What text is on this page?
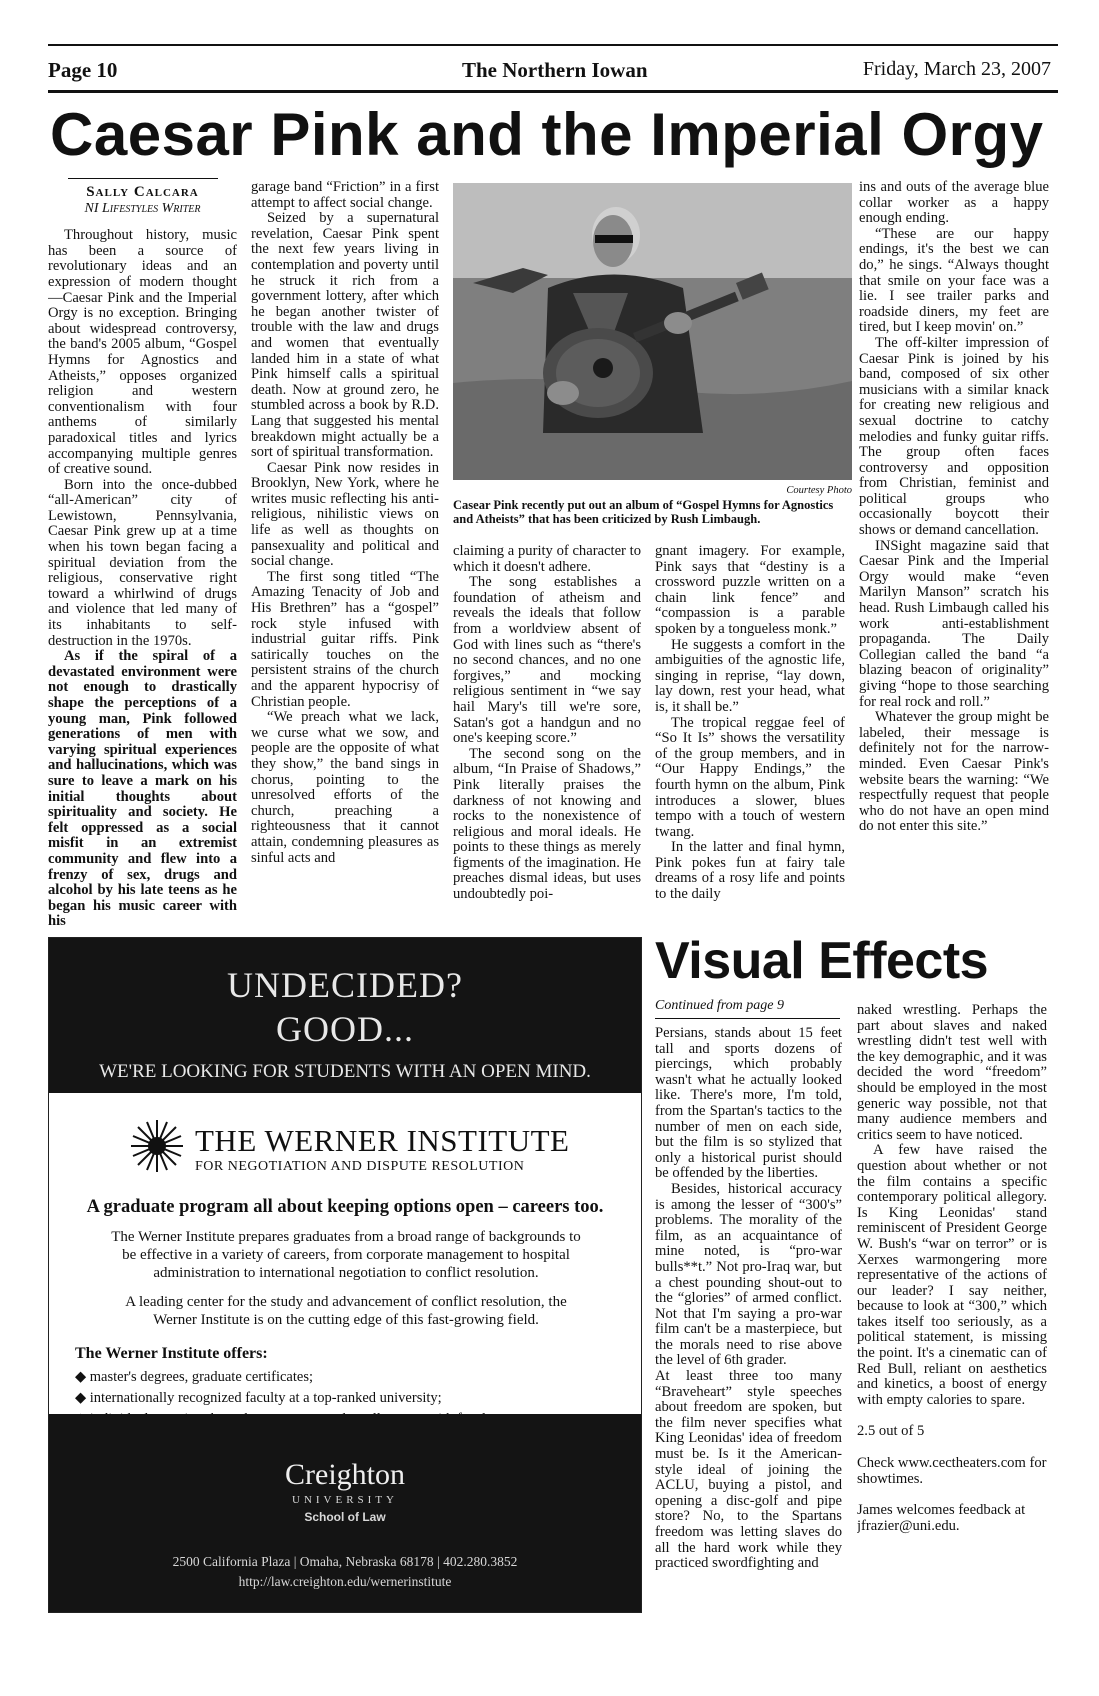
Page 10	The Northern Iowan	Friday, March 23, 2007
Caesar Pink and the Imperial Orgy
Sally Calcara
NI Lifestyles Writer

Throughout history, music has been a source of revolutionary ideas and an expression of modern thought—Caesar Pink and the Imperial Orgy is no exception. Bringing about widespread controversy, the band's 2005 album, “Gospel Hymns for Agnostics and Atheists,” opposes organized religion and western conventionalism with four anthems of similarly paradoxical titles and lyrics accompanying multiple genres of creative sound.

Born into the once-dubbed “all-American” city of Lewistown, Pennsylvania, Caesar Pink grew up at a time when his town began facing a spiritual deviation from the religious, conservative right toward a whirlwind of drugs and violence that led many of its inhabitants to self-destruction in the 1970s.

As if the spiral of a devastated environment were not enough to drastically shape the perceptions of a young man, Pink followed generations of men with varying spiritual experiences and hallucinations, which was sure to leave a mark on his initial thoughts about spirituality and society. He felt oppressed as a social misfit in an extremist community and flew into a frenzy of sex, drugs and alcohol by his late teens as he began his music career with his

garage band “Friction” in a first attempt to affect social change.

Seized by a supernatural revelation, Caesar Pink spent the next few years living in contemplation and poverty until he struck it rich from a government lottery, after which he began another twister of trouble with the law and drugs and women that eventually landed him in a state of what Pink himself calls a spiritual death. Now at ground zero, he stumbled across a book by R.D. Lang that suggested his mental breakdown might actually be a sort of spiritual transformation.

Caesar Pink now resides in Brooklyn, New York, where he writes music reflecting his anti-religious, nihilistic views on life as well as thoughts on pansexuality and political and social change.

The first song titled “The Amazing Tenacity of Job and His Brethren” has a “gospel” rock style infused with industrial guitar riffs. Pink satirically touches on the persistent strains of the church and the apparent hypocrisy of Christian people.

“We preach what we lack, we curse what we sow, and people are the opposite of what they show,” the band sings in chorus, pointing to the unresolved efforts of the church, preaching a righteousness that it cannot attain, condemning pleasures as sinful acts and

Courtesy Photo
Casear Pink recently put out an album of “Gospel Hymns for Agnostics and Atheists” that has been criticized by Rush Limbaugh.

claiming a purity of character to which it doesn't adhere.

The song establishes a foundation of atheism and reveals the ideals that follow from a worldview absent of God with lines such as “there's no second chances, and no one forgives,” and mocking religious sentiment in “we say hail Mary's till we're sore, Satan's got a handgun and no one's keeping score.”

The second song on the album, “In Praise of Shadows,” Pink literally praises the darkness of not knowing and rocks to the nonexistence of religious and moral ideals. He points to these things as merely figments of the imagination. He preaches dismal ideas, but uses undoubtedly poi-

gnant imagery. For example, Pink says that “destiny is a crossword puzzle written on a chain link fence” and “compassion is a parable spoken by a tongueless monk.”

He suggests a comfort in the ambiguities of the agnostic life, singing in reprise, “lay down, lay down, rest your head, what is, it shall be.”

The tropical reggae feel of “So It Is” shows the versatility of the group members, and in “Our Happy Endings,” the fourth hymn on the album, Pink introduces a slower, blues tempo with a touch of western twang.

In the latter and final hymn, Pink pokes fun at fairy tale dreams of a rosy life and points to the daily

ins and outs of the average blue collar worker as a happy enough ending.

“These are our happy endings, it's the best we can do,” he sings. “Always thought that smile on your face was a lie. I see trailer parks and roadside diners, my feet are tired, but I keep movin' on.”

The off-kilter impression of Caesar Pink is joined by his band, composed of six other musicians with a similar knack for creating new religious and sexual doctrine to catchy melodies and funky guitar riffs. The group often faces controversy and opposition from Christian, feminist and political groups who occasionally boycott their shows or demand cancellation.

INSight magazine said that Caesar Pink and the Imperial Orgy would make “even Marilyn Manson” scratch his head. Rush Limbaugh called his work anti-establishment propaganda. The Daily Collegian called the band “a blazing beacon of originality” giving “hope to those searching for real rock and roll.”

Whatever the group might be labeled, their message is definitely not for the narrow-minded. Even Caesar Pink's website bears the warning: “We respectfully request that people who do not have an open mind do not enter this site.”

UNDECIDED?
GOOD...
WE'RE LOOKING FOR STUDENTS WITH AN OPEN MIND.
THE WERNER INSTITUTE
FOR NEGOTIATION AND DISPUTE RESOLUTION
A graduate program all about keeping options open – careers too.
The Werner Institute prepares graduates from a broad range of backgrounds to be effective in a variety of careers, from corporate management to hospital administration to international negotiation to conflict resolution.
A leading center for the study and advancement of conflict resolution, the Werner Institute is on the cutting edge of this fast-growing field.
The Werner Institute offers:
◆ master's degrees, graduate certificates;
◆ internationally recognized faculty at a top-ranked university;
Creighton
UNIVERSITY
School of Law
2500 California Plaza | Omaha, Nebraska 68178 | 402.280.3852
http://law.creighton.edu/wernerinstitute
Visual Effects
Continued from page 9

Persians, stands about 15 feet tall and sports dozens of piercings, which probably wasn't what he actually looked like. There's more, I'm told, from the Spartan's tactics to the number of men on each side, but the film is so stylized that only a historical purist should be offended by the liberties.

Besides, historical accuracy is among the lesser of “300's” problems. The morality of the film, as an acquaintance of mine noted, is “pro-war bulls**t.” Not pro-Iraq war, but a chest pounding shout-out to the “glories” of armed conflict. Not that I'm saying a pro-war film can't be a masterpiece, but the morals need to rise above the level of 6th grader.

At least three too many “Braveheart” style speeches about freedom are spoken, but the film never specifies what King Leonidas' idea of freedom must be. Is it the American-style ideal of joining the ACLU, buying a pistol, and opening a disc-golf and pipe store? No, to the Spartans freedom was letting slaves do all the hard work while they practiced swordfighting and

naked wrestling. Perhaps the part about slaves and naked wrestling didn't test well with the key demographic, and it was decided the word “freedom” should be employed in the most generic way possible, not that many audience members and critics seem to have noticed.

A few have raised the question about whether or not the film contains a specific contemporary political allegory. Is King Leonidas' stand reminiscent of President George W. Bush's “war on terror” or is Xerxes warmongering more representative of the actions of our leader? I say neither, because to look at “300,” which takes itself too seriously, as a political statement, is missing the point. It's a cinematic can of Red Bull, reliant on aesthetics and kinetics, a boost of energy with empty calories to spare.

2.5 out of 5

Check www.cectheaters.com for showtimes.

James welcomes feedback at jfrazier@uni.edu.
